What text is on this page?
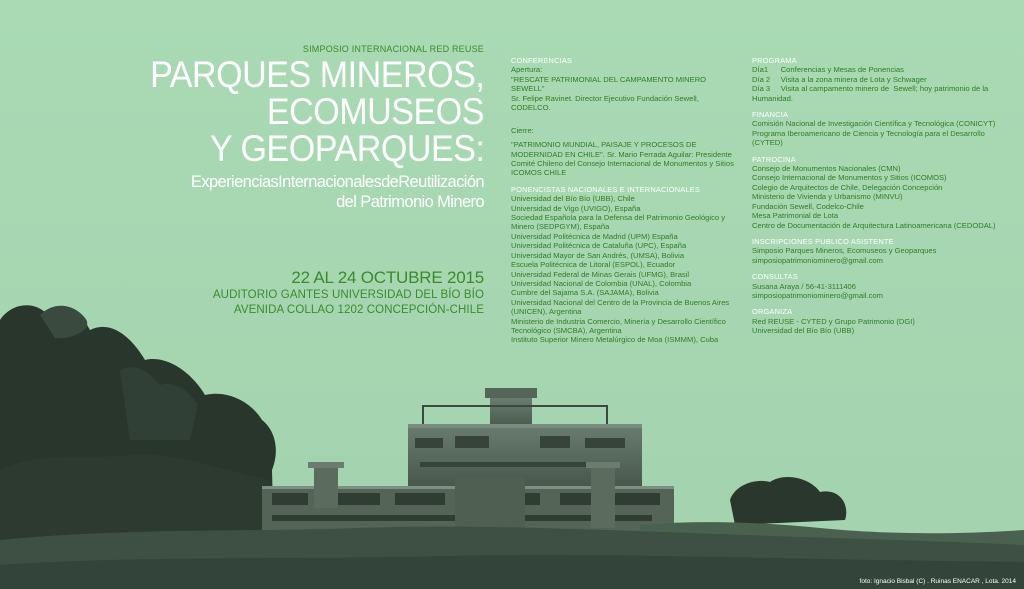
SIMPOSIO INTERNACIONAL RED REUSE
PARQUES MINEROS,
ECOMUSEOS
Y GEOPARQUES:
ExperienciasInternacionalesdeReutilización
del Patrimonio Minero
22 AL 24 OCTUBRE 2015
AUDITORIO GANTES UNIVERSIDAD DEL BÍO BÍO
AVENIDA COLLAO 1202 CONCEPCIÓN-CHILE
CONFERENCIAS
Apertura:
"RESCATE PATRIMONIAL DEL CAMPAMENTO MINERO SEWELL"
Sr. Felipe Ravinet. Director Ejecutivo Fundación Sewell, CODELCO.
Cierre:
"PATRIMONIO MUNDIAL, PAISAJE Y PROCESOS DE MODERNIDAD EN CHILE". Sr. Mario Ferrada Aguilar: Presidente Comité Chileno del Consejo Internacional de Monumentos y Sitios ICOMOS CHILE
PONENCISTAS NACIONALES E INTERNACIONALES
Universidad del Bío Bío (UBB), Chile
Universidad de Vigo (UVIGO), España
Sociedad Española para la Defensa del Patrimonio Geológico y Minero (SEDPGYM), España
Universidad Politécnica de Madrid (UPM) España
Universidad Politécnica de Cataluña (UPC), España
Universidad Mayor de San Andrés, (UMSA), Bolivia
Escuela Politécnica de Litoral (ESPOL), Ecuador
Universidad Federal de Minas Gerais (UFMG), Brasil
Universidad Nacional de Colombia (UNAL), Colombia
Cumbre del Sajama S.A. (SAJAMA), Bolivia
Universidad Nacional del Centro de la Provincia de Buenos Aires (UNICEN), Argentina
Ministerio de Industria Comercio, Minería y Desarrollo Científico Tecnológico (SMCBA), Argentina
Instituto Superior Minero Metalúrgico de Moa (ISMMM), Cuba
PROGRAMA
Día1      Conferencias y Mesas de Ponencias
Día 2     Visita a la zona minera de Lota y Schwager
Día 3     Visita al campamento minero de  Sewell; hoy patrimonio de la Humanidad.
FINANCIA
Comisión Nacional de Investigación Científica y Tecnológica (CONICYT)
Programa Iberoamericano de Ciencia y Tecnología para el Desarrollo (CYTED)
PATROCINA
Consejo de Monumentos Nacionales (CMN)
Consejo Internacional de Monumentos y Sitios (ICOMOS)
Colegio de Arquitectos de Chile, Delegación Concepción
Ministerio de Vivienda y Urbanismo (MINVU)
Fundación Sewell, Codelco-Chile
Mesa Patrimonial de Lota
Centro de Documentación de Arquitectura Latinoamericana (CEDODAL)
INSCRIPCIONES PUBLICO ASISTENTE
Simposio Parques Mineros, Ecomuseos y Geoparques
simposiopatrimoniominero@gmail.com
CONSULTAS
Susana Araya / 56-41-3111406
simposiopatrimoniominero@gmail.com
ORGANIZA
Red REUSE - CYTED y Grupo Patrimonio (DGI)
Universidad del Bío Bío (UBB)
foto: Ignacio Bisbal (C) . Ruinas ENACAR , Lota. 2014
